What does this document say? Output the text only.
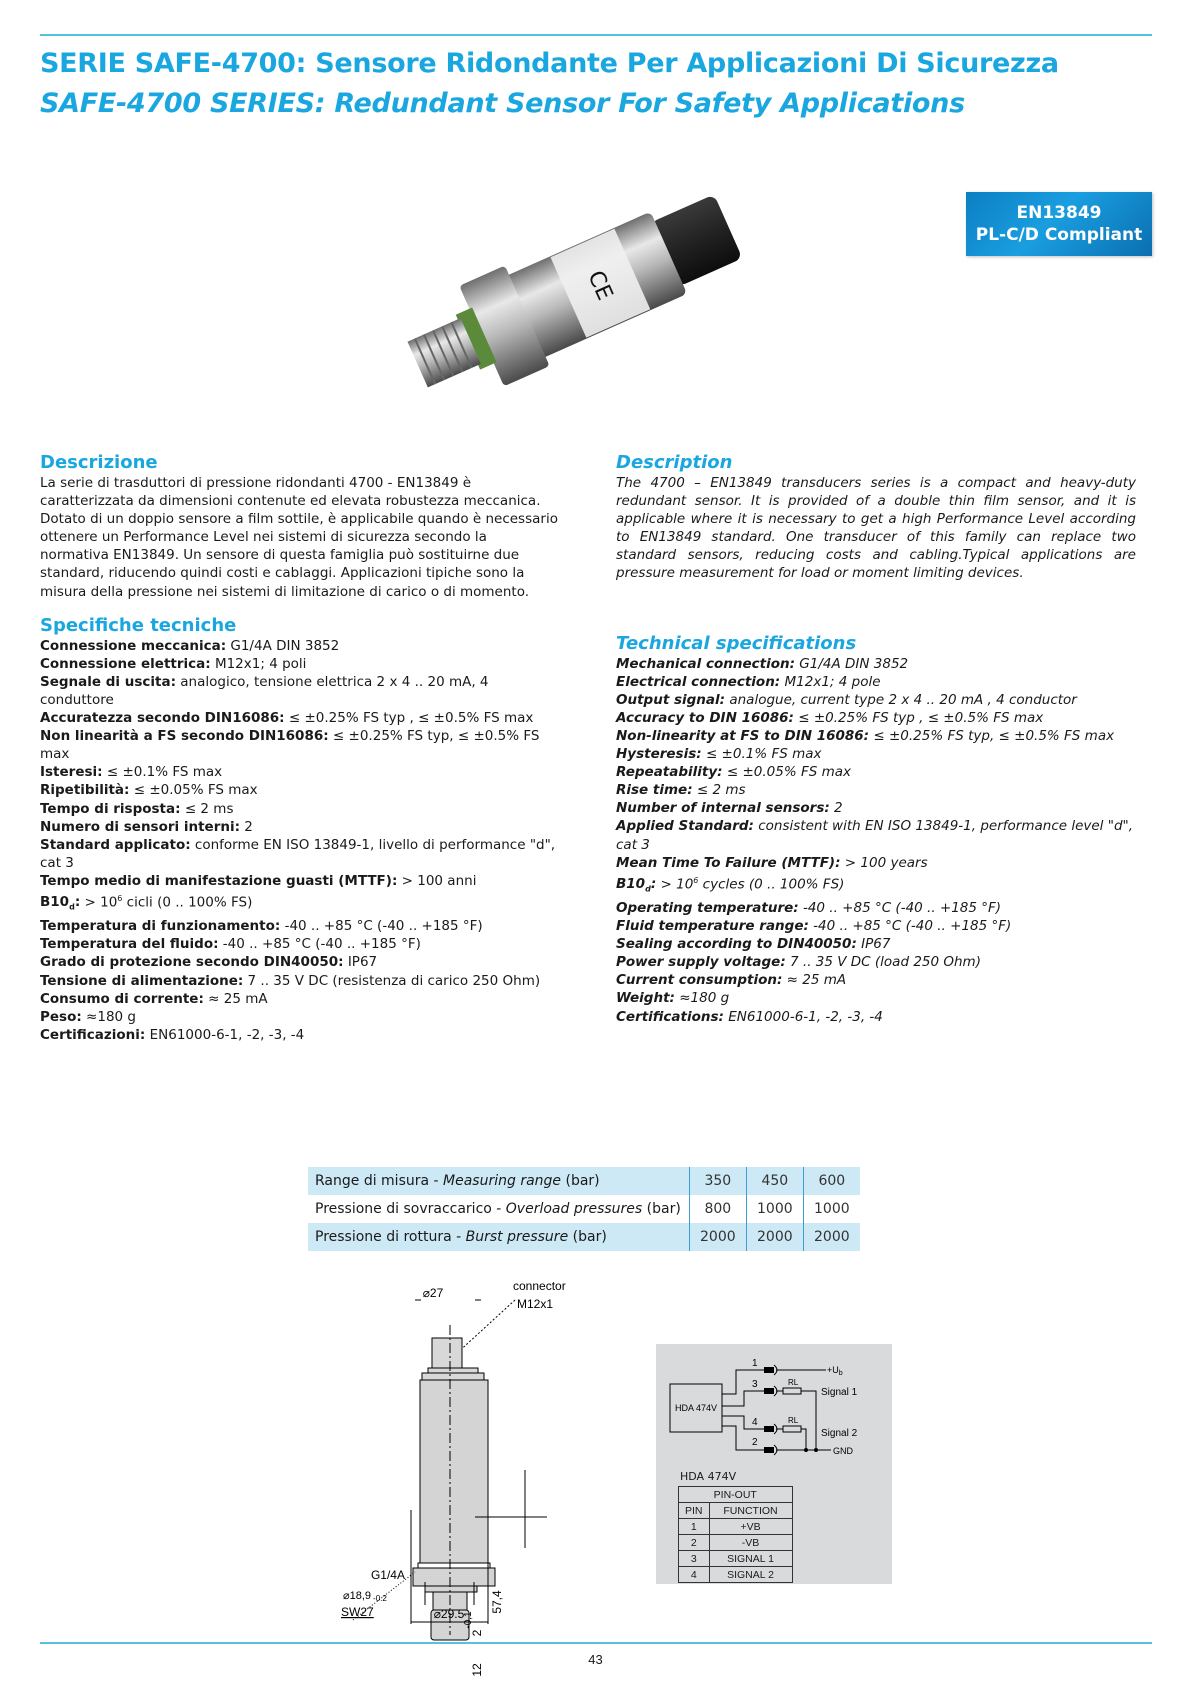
SERIE SAFE-4700: Sensore Ridondante Per Applicazioni Di Sicurezza
SAFE-4700 SERIES: Redundant Sensor For Safety Applications
CE
EN13849
PL-C/D Compliant
Descrizione

La serie di trasduttori di pressione ridondanti 4700 - EN13849 è caratterizzata da dimensioni contenute ed elevata robustezza meccanica. Dotato di un doppio sensore a film sottile, è applicabile quando è necessario ottenere un Performance Level nei sistemi di sicurezza secondo la normativa EN13849. Un sensore di questa famiglia può sostituirne due standard, riducendo quindi costi e cablaggi. Applicazioni tipiche sono la misura della pressione nei sistemi di limitazione di carico o di momento.

Specifiche tecniche

Connessione meccanica: G1/4A DIN 3852

Connessione elettrica: M12x1; 4 poli

Segnale di uscita: analogico, tensione elettrica 2 x 4 .. 20 mA, 4 conduttore

Accuratezza secondo DIN16086: ≤ ±0.25% FS typ , ≤ ±0.5% FS max

Non linearità a FS secondo DIN16086: ≤ ±0.25% FS typ, ≤ ±0.5% FS max

Isteresi: ≤ ±0.1% FS max

Ripetibilità: ≤ ±0.05% FS max

Tempo di risposta: ≤ 2 ms

Numero di sensori interni: 2

Standard applicato: conforme EN ISO 13849-1, livello di performance "d", cat 3

Tempo medio di manifestazione guasti (MTTF): > 100 anni

$B10_d$: > $10^6$ cicli (0 .. 100% FS)

Temperatura di funzionamento: -40 .. +85 °C (-40 .. +185 °F)

Temperatura del fluido: -40 .. +85 °C (-40 .. +185 °F)

Grado di protezione secondo DIN40050: IP67

Tensione di alimentazione: 7 .. 35 V DC (resistenza di carico 250 Ohm)

Consumo di corrente: ≈ 25 mA

Peso: ≈180 g

Certificazioni: EN61000-6-1, -2, -3, -4

Description

The 4700 – EN13849 transducers series is a compact and heavy-duty redundant sensor. It is provided of a double thin film sensor, and it is applicable where it is necessary to get a high Performance Level according to EN13849 standard. One transducer of this family can replace two standard sensors, reducing costs and cabling.Typical applications are pressure measurement for load or moment limiting devices.

Technical specifications

Mechanical connection: G1/4A DIN 3852

Electrical connection: M12x1; 4 pole

Output signal: analogue, current type 2 x 4 .. 20 mA , 4 conductor

Accuracy to DIN 16086: ≤ ±0.25% FS typ , ≤ ±0.5% FS max

Non-linearity at FS to DIN 16086: ≤ ±0.25% FS typ, ≤ ±0.5% FS max

Hysteresis: ≤ ±0.1% FS max

Repeatability: ≤ ±0.05% FS max

Rise time: ≤ 2 ms

Number of internal sensors: 2

Applied Standard: consistent with EN ISO 13849-1, performance level "d", cat 3

Mean Time To Failure (MTTF): > 100 years

$B10_d$: > $10^6$ cycles (0 .. 100% FS)

Operating temperature: -40 .. +85 °C (-40 .. +185 °F)

Fluid temperature range: -40 .. +85 °C (-40 .. +185 °F)

Sealing according to DIN40050: IP67

Power supply voltage: 7 .. 35 V DC (load 250 Ohm)

Current consumption: ≈ 25 mA

Weight: ≈180 g

Certifications: EN61000-6-1, -2, -3, -4

Range di misura - Measuring range (bar)	350	450	600
Pressione di sovraccarico - Overload pressures (bar)	800	1000	1000
Pressione di rottura - Burst pressure (bar)	2000	2000	2000
⌀27	connector
M12x1
SW27	57,4
-0,1
2
12
G1/4A
⌀18,9 -0.2
⌀29.5
HDA 474V
1
3
4
2
$+U_b$
RL
RL
Signal 1
Signal 2
GND
HDA 474V
PIN-OUT	
PIN	FUNCTION
1	+VB
2	-VB
3	SIGNAL 1
4	SIGNAL 2
43
